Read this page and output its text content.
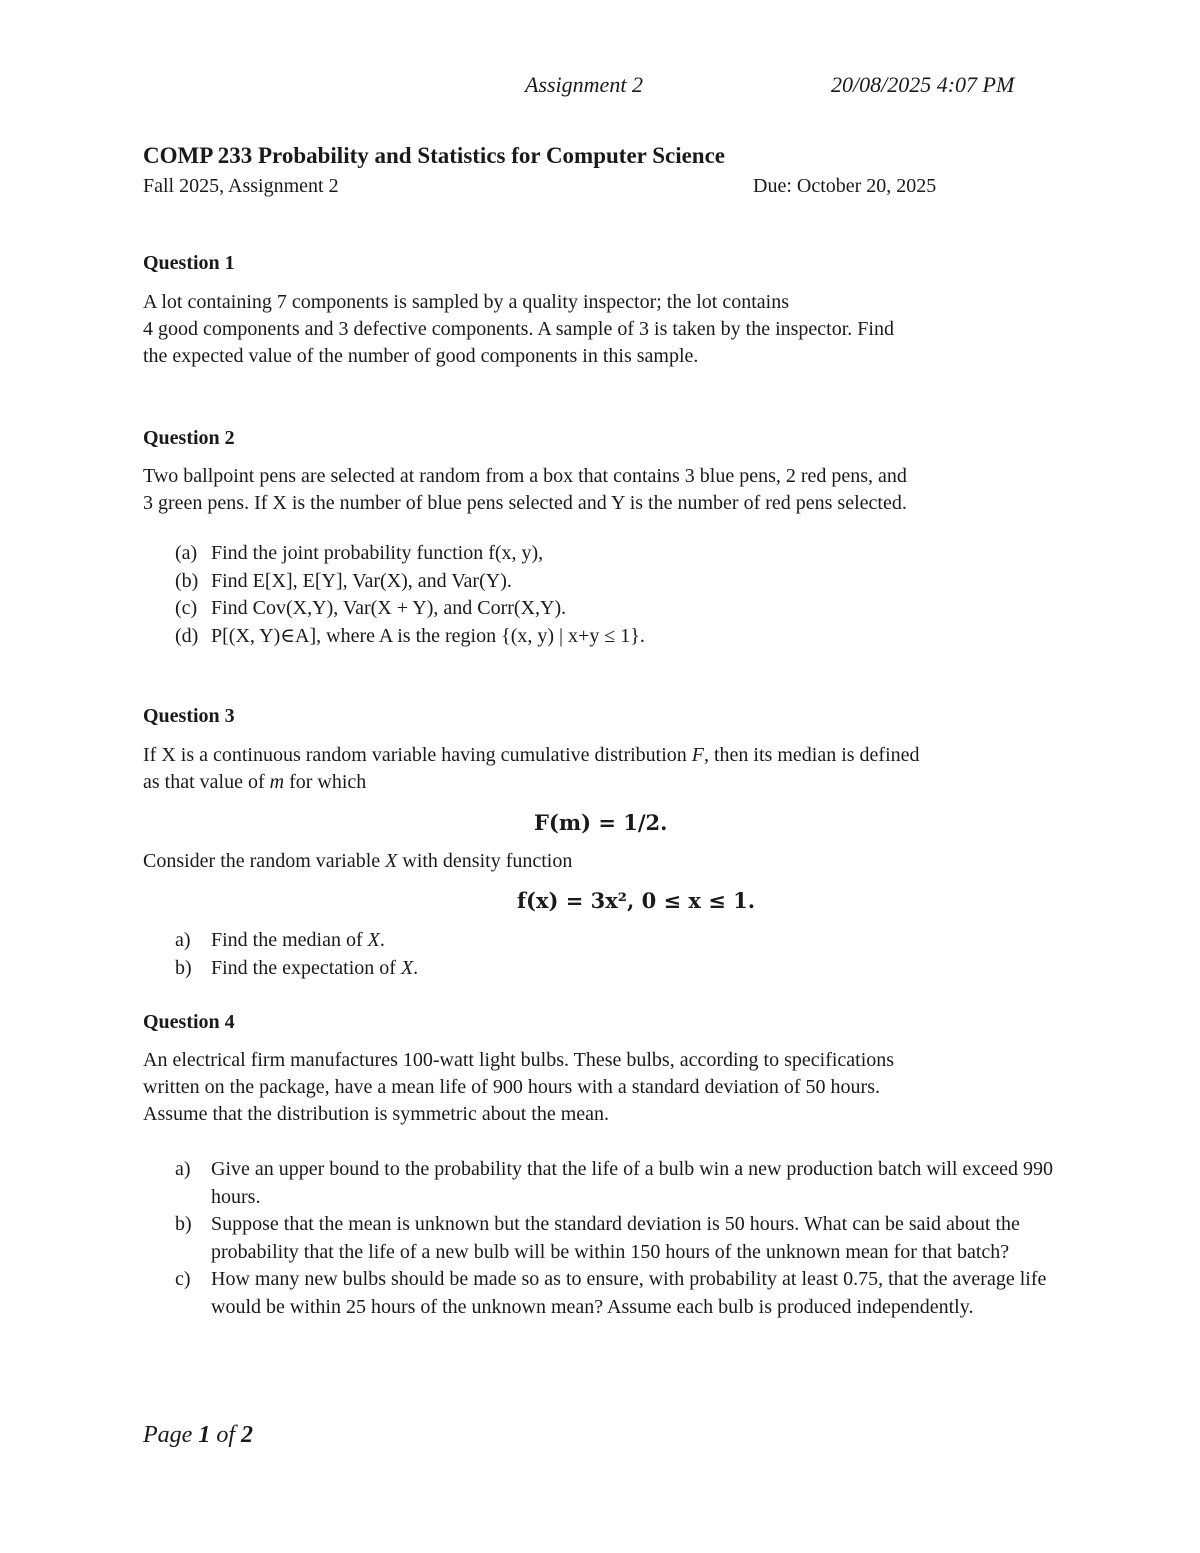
Assignment 2	20/08/2025 4:07 PM
COMP 233 Probability and Statistics for Computer Science
Fall 2025, Assignment 2	Due: October 20, 2025
Question 1
A lot containing 7 components is sampled by a quality inspector; the lot contains
4 good components and 3 defective components. A sample of 3 is taken by the inspector. Find
the expected value of the number of good components in this sample.
Question 2
Two ballpoint pens are selected at random from a box that contains 3 blue pens, 2 red pens, and
3 green pens. If X is the number of blue pens selected and Y is the number of red pens selected.
(a) Find the joint probability function f(x, y),
(b) Find E[X], E[Y], Var(X), and Var(Y).
(c) Find Cov(X,Y), Var(X + Y), and Corr(X,Y).
(d) P[(X, Y)∈A], where A is the region {(x, y) | x+y ≤ 1}.
Question 3
If X is a continuous random variable having cumulative distribution F, then its median is defined
as that value of m for which
F(m) = 1/2.
Consider the random variable X with density function
f(x) = 3x², 0 ≤ x ≤ 1.
a)	Find the median of X.
b) Find the expectation of X.
Question 4
An electrical firm manufactures 100-watt light bulbs. These bulbs, according to specifications
written on the package, have a mean life of 900 hours with a standard deviation of 50 hours.
Assume that the distribution is symmetric about the mean.
a)	Give an upper bound to the probability that the life of a bulb win a new production batch will exceed 990 hours.
b) Suppose that the mean is unknown but the standard deviation is 50 hours. What can be said about the probability that the life of a new bulb will be within 150 hours of the unknown mean for that batch?
c)	How many new bulbs should be made so as to ensure, with probability at least 0.75, that the average life would be within 25 hours of the unknown mean? Assume each bulb is produced independently.
Page 1 of 2
